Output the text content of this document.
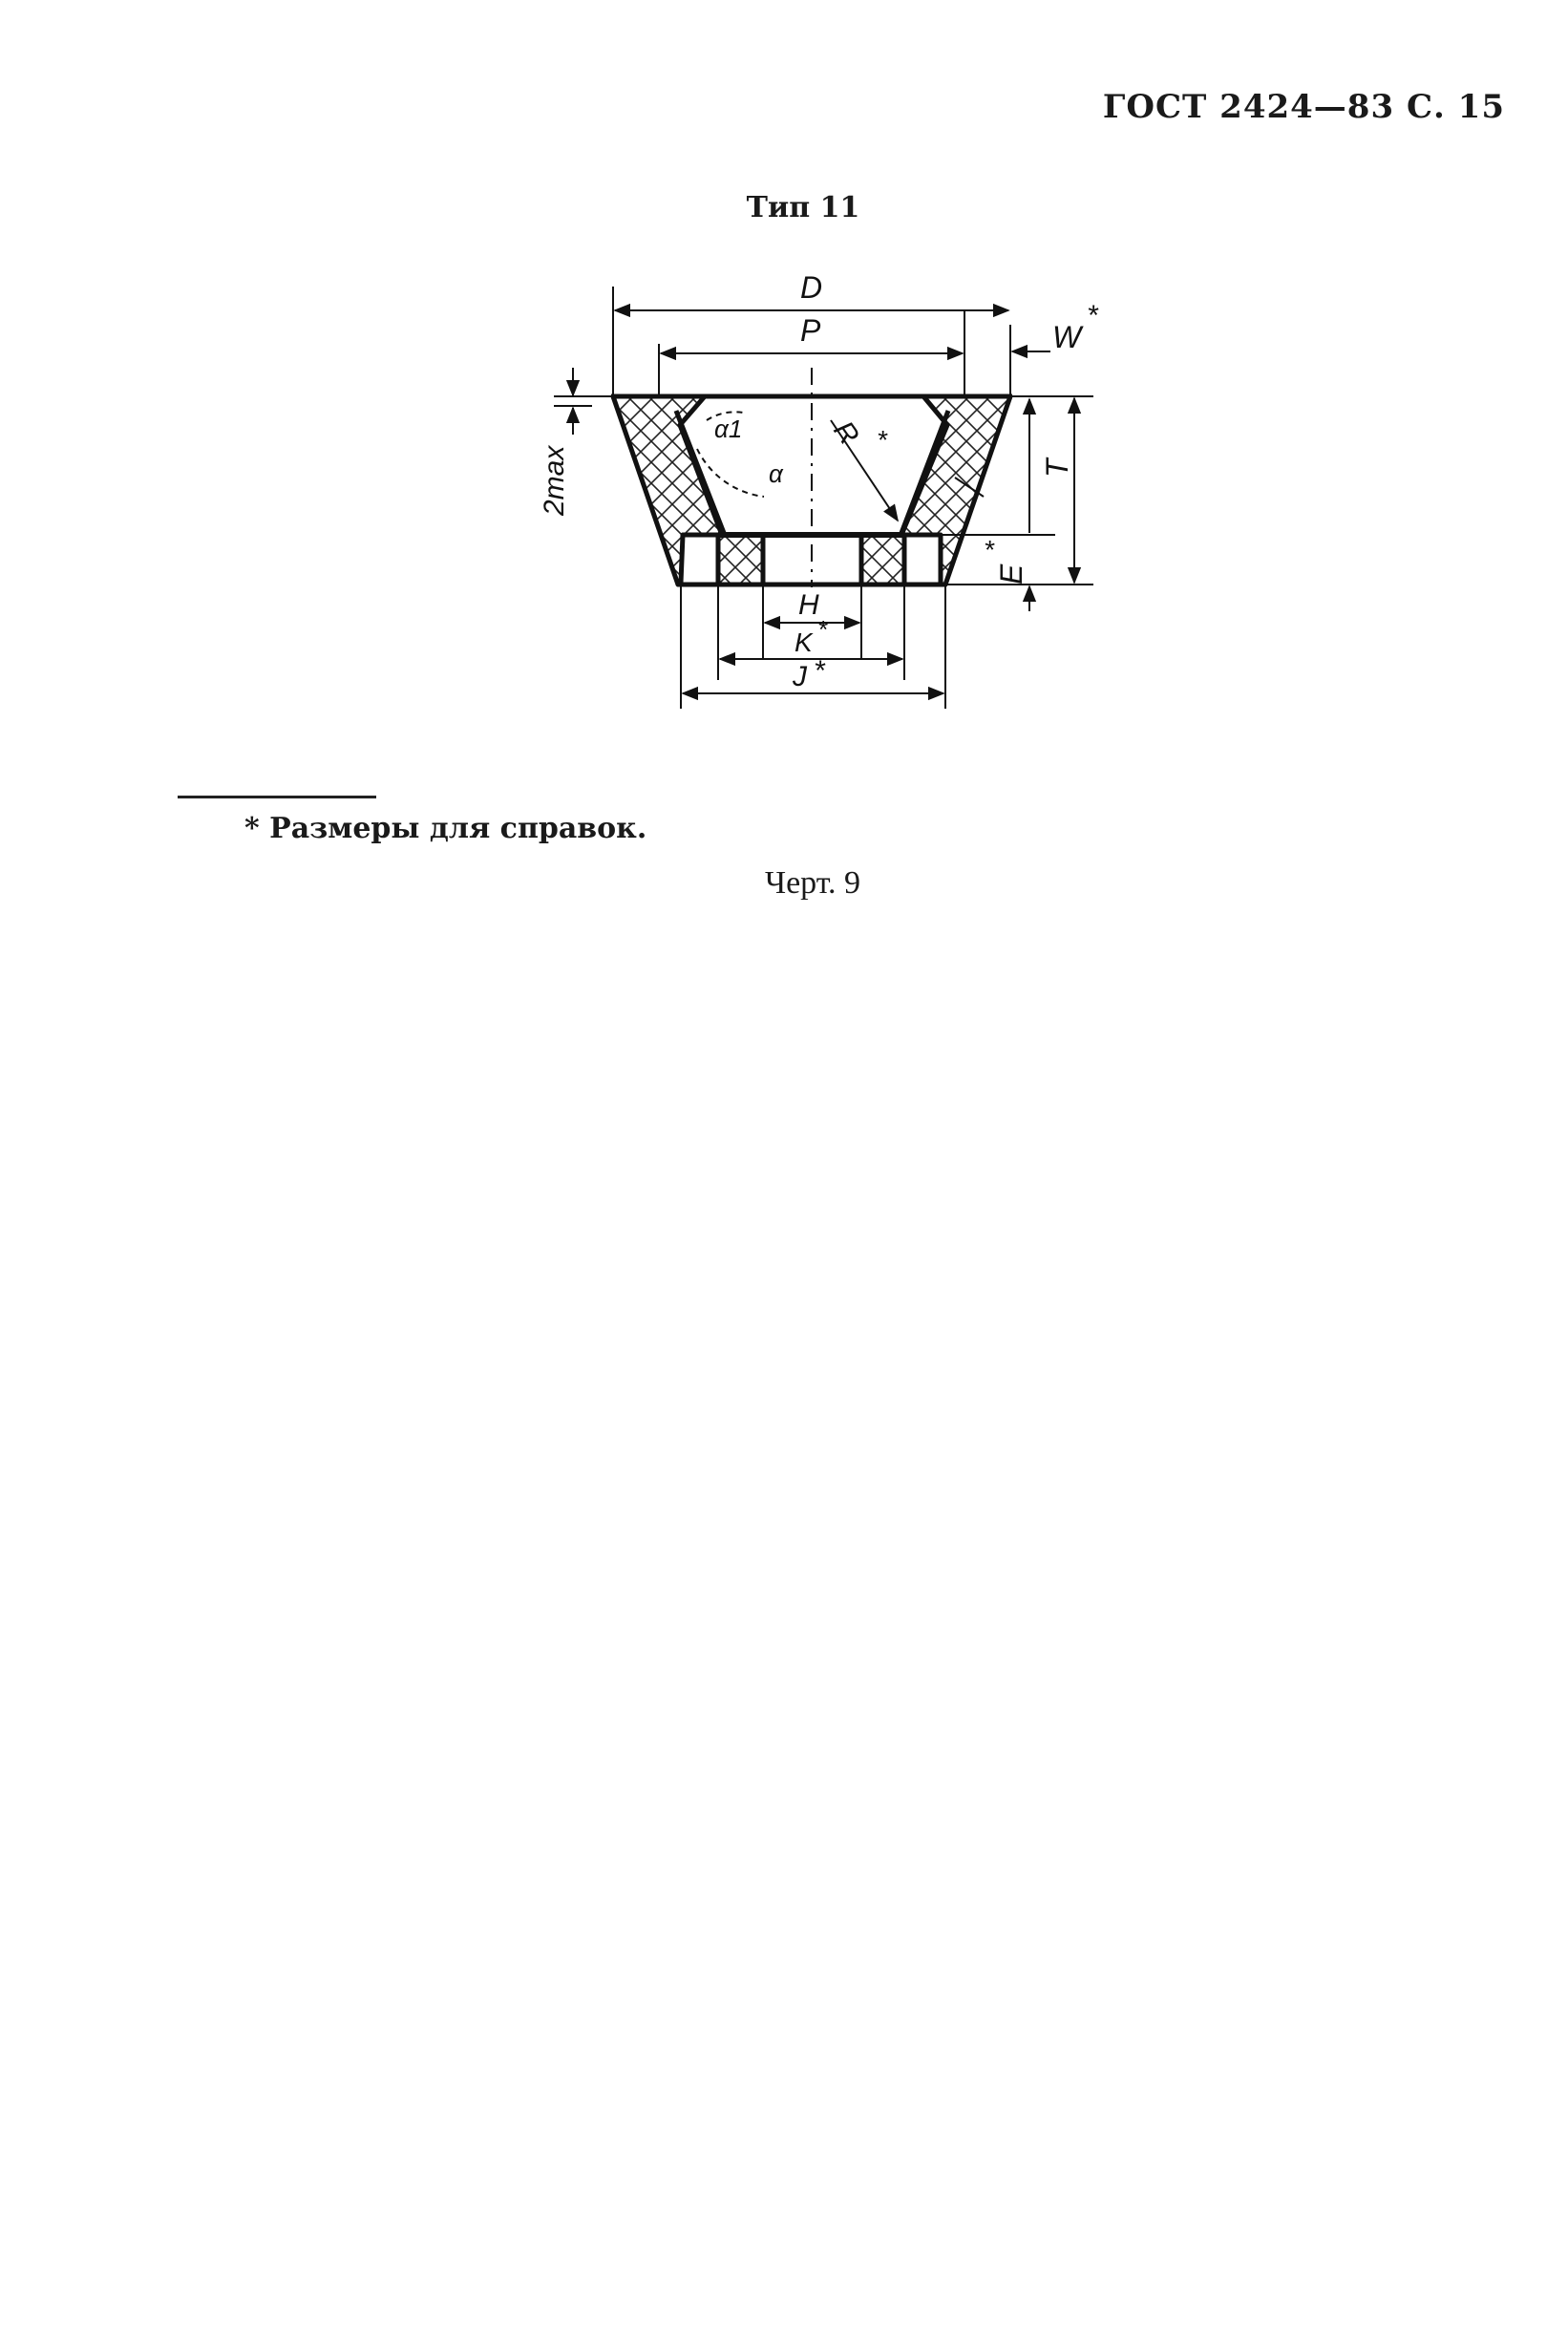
ГОСТ 2424—83 С. 15
Тип 11
D
P	W
*
2max
α1
α
R *
T
E
*
H
K *
J *
* Размеры для справок.
Черт. 9
